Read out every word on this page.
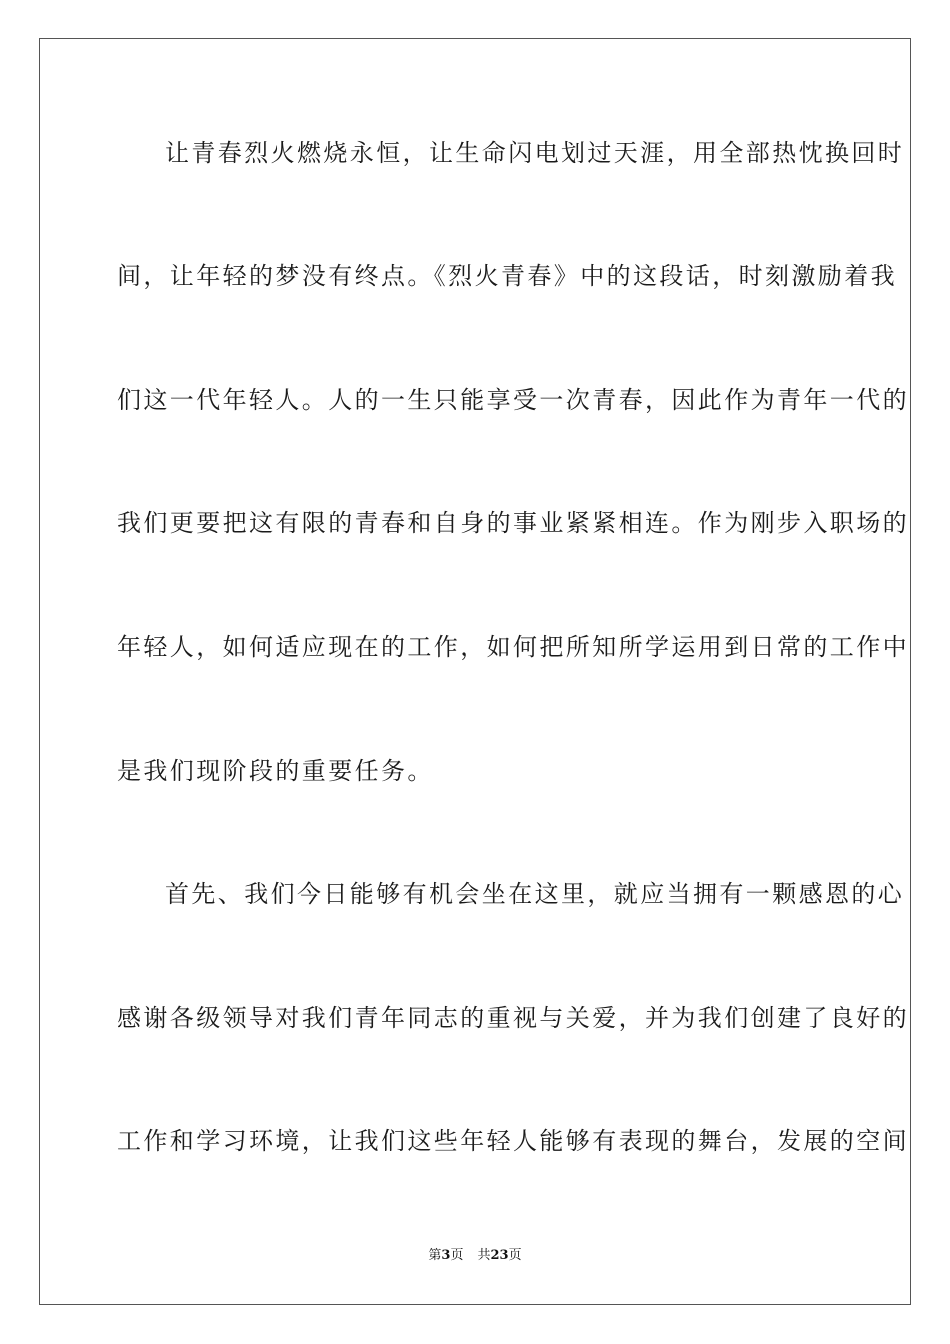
让青春烈火燃烧永恒，让生命闪电划过天涯，用全部热忱换回时
间，让年轻的梦没有终点。《烈火青春》中的这段话，时刻激励着我
们这一代年轻人。人的一生只能享受一次青春，因此作为青年一代的
我们更要把这有限的青春和自身的事业紧紧相连。作为刚步入职场的
年轻人，如何适应现在的工作，如何把所知所学运用到日常的工作中
是我们现阶段的重要任务。
首先、我们今日能够有机会坐在这里，就应当拥有一颗感恩的心
感谢各级领导对我们青年同志的重视与关爱，并为我们创建了良好的
工作和学习环境，让我们这些年轻人能够有表现的舞台，发展的空间
第3页 共23页
